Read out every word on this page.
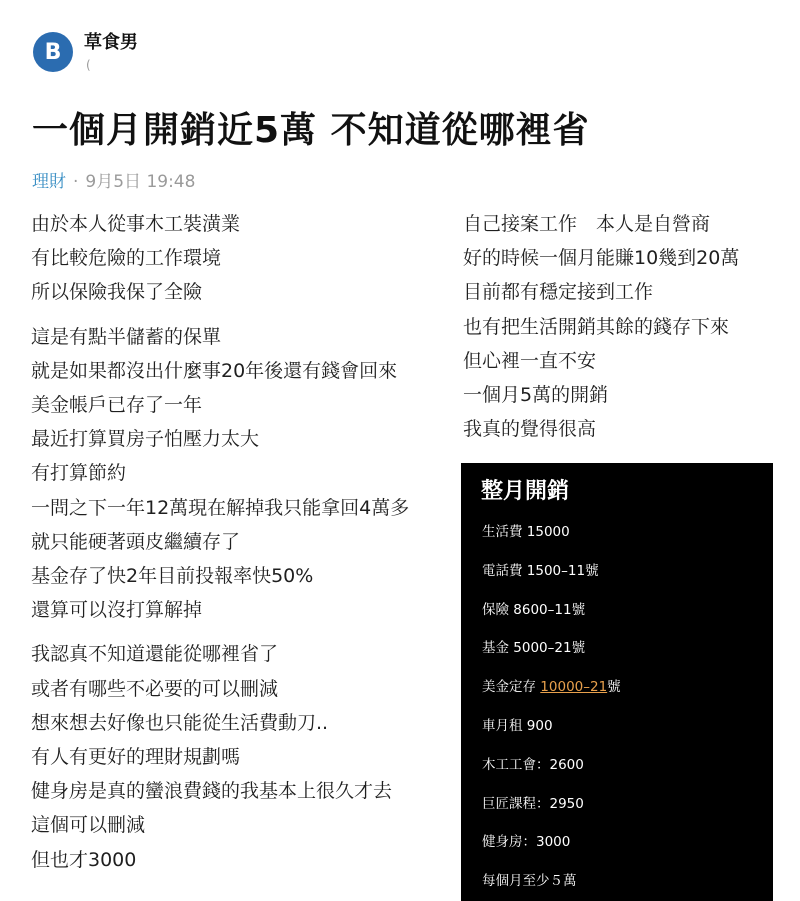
B 草食男
(
一個月開銷近5萬 不知道從哪裡省
理財 · 9月5日 19:48
由於本人從事木工裝潢業
有比較危險的工作環境
所以保險我保了全險
這是有點半儲蓄的保單
就是如果都沒出什麼事20年後還有錢會回來
美金帳戶已存了一年
最近打算買房子怕壓力太大
有打算節約
一問之下一年12萬現在解掉我只能拿回4萬多
就只能硬著頭皮繼續存了
基金存了快2年目前投報率快50%
還算可以沒打算解掉
我認真不知道還能從哪裡省了
或者有哪些不必要的可以刪減
想來想去好像也只能從生活費動刀..
有人有更好的理財規劃嗎
健身房是真的蠻浪費錢的我基本上很久才去
這個可以刪減
但也才3000
自己接案工作　本人是自營商
好的時候一個月能賺10幾到20萬
目前都有穩定接到工作
也有把生活開銷其餘的錢存下來
但心裡一直不安
一個月5萬的開銷
我真的覺得很高
整月開銷
生活費 15000
電話費 1500–11號
保險 8600–11號
基金 5000–21號
美金定存 10000–21號
車月租 900
木工工會：2600
巨匠課程：2950
健身房：3000
每個月至少５萬
